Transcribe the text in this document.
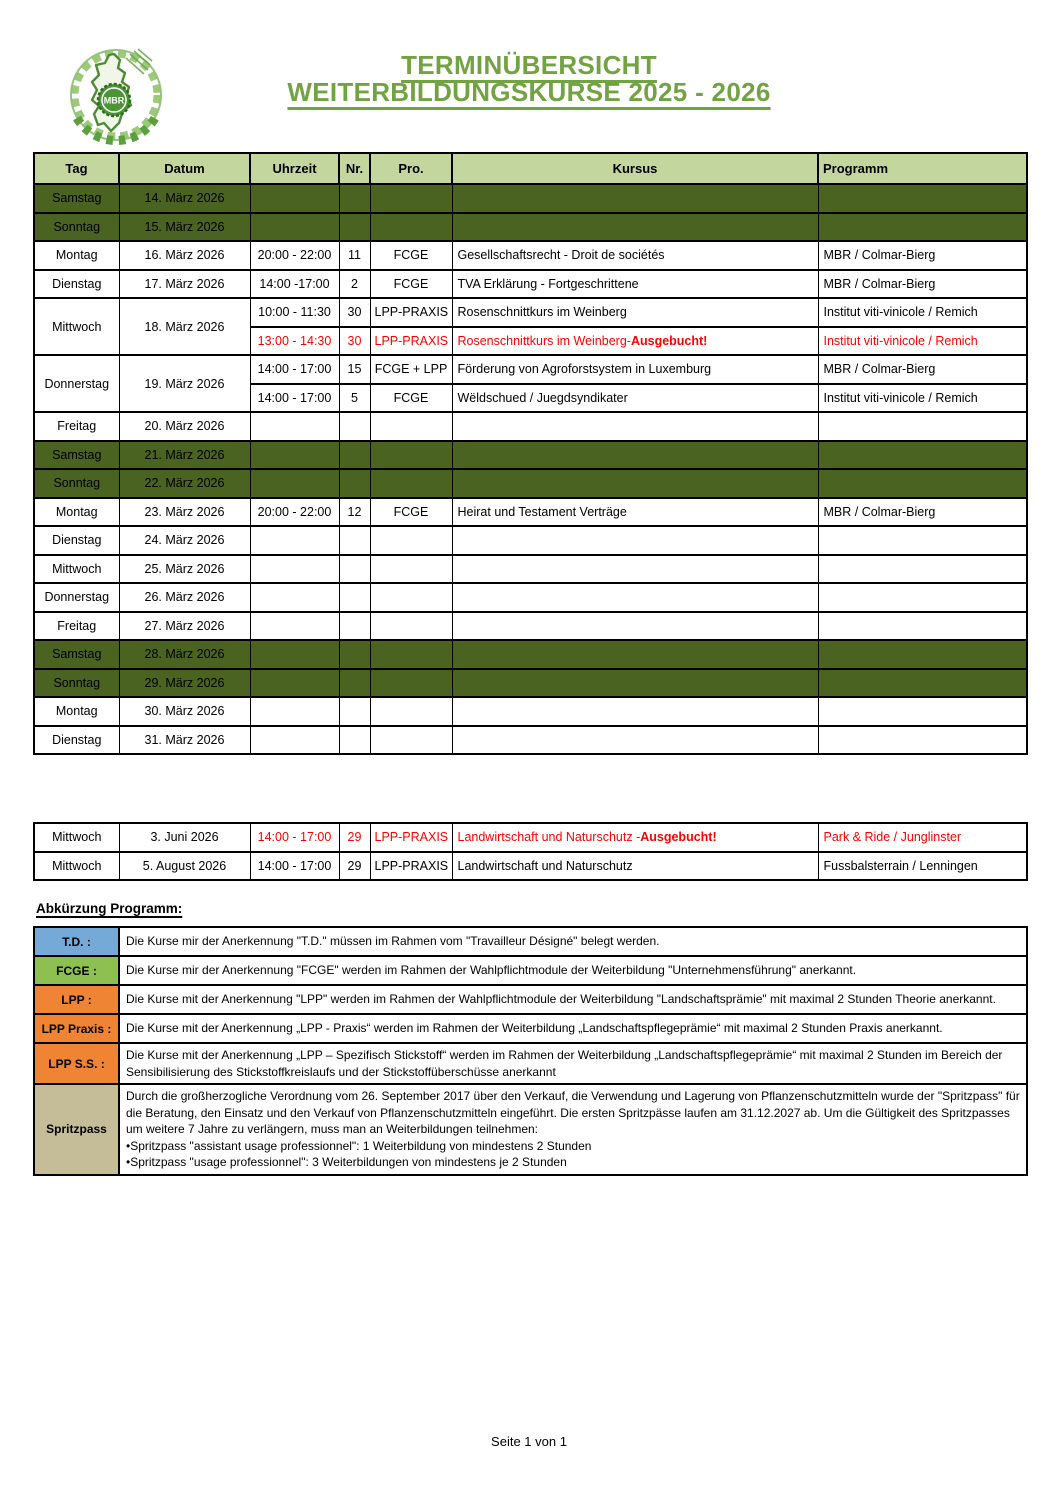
MBR
TERMINÜBERSICHT
WEITERBILDUNGSKURSE 2025 - 2026
Tag	Datum	Uhrzeit	Nr.	Pro.	Kursus	Programm
Samstag	14. März 2026					
Sonntag	15. März 2026					
Montag	16. März 2026	20:00 - 22:00	11	FCGE	Gesellschaftsrecht - Droit de sociétés	MBR / Colmar-Bierg
Dienstag	17. März 2026	14:00 -17:00	2	FCGE	TVA Erklärung - Fortgeschrittene	MBR / Colmar-Bierg
Mittwoch	18. März 2026	10:00 - 11:30	30	LPP-PRAXIS	Rosenschnittkurs im Weinberg	Institut viti-vinicole / Remich
		13:00 - 14:30	30	LPP-PRAXIS	Rosenschnittkurs im Weinberg-Ausgebucht!	Institut viti-vinicole / Remich
Donnerstag	19. März 2026	14:00 - 17:00	15	FCGE + LPP	Förderung von Agroforstsystem in Luxemburg	MBR / Colmar-Bierg
		14:00 - 17:00	5	FCGE	Wëldschued / Juegdsyndikater	Institut viti-vinicole / Remich
Freitag	20. März 2026					
Samstag	21. März 2026					
Sonntag	22. März 2026					
Montag	23. März 2026	20:00 - 22:00	12	FCGE	Heirat und Testament Verträge	MBR / Colmar-Bierg
Dienstag	24. März 2026					
Mittwoch	25. März 2026					
Donnerstag	26. März 2026					
Freitag	27. März 2026					
Samstag	28. März 2026					
Sonntag	29. März 2026					
Montag	30. März 2026					
Dienstag	31. März 2026					
Mittwoch	3. Juni 2026	14:00 - 17:00	29	LPP-PRAXIS	Landwirtschaft und Naturschutz -Ausgebucht!	Park & Ride / Junglinster
Mittwoch	5. August 2026	14:00 - 17:00	29	LPP-PRAXIS	Landwirtschaft und Naturschutz	Fussbalsterrain / Lenningen
Abkürzung Programm:
T.D. :	Die Kurse mir der Anerkennung "T.D." müssen im Rahmen vom "Travailleur Désigné" belegt werden.

FCGE :	Die Kurse mir der Anerkennung "FCGE" werden im Rahmen der Wahlpflichtmodule der Weiterbildung "Unternehmensführung" anerkannt.

LPP :	Die Kurse mit der Anerkennung "LPP" werden im Rahmen der Wahlpflichtmodule der Weiterbildung "Landschaftsprämie" mit maximal 2 Stunden Theorie anerkannt.

LPP Praxis :	Die Kurse mit der Anerkennung „LPP - Praxis“ werden im Rahmen der Weiterbildung „Landschaftspflegeprämie“ mit maximal 2 Stunden Praxis anerkannt.

LPP S.S. :	Die Kurse mit der Anerkennung „LPP – Spezifisch Stickstoff“ werden im Rahmen der Weiterbildung „Landschaftspflegeprämie“ mit maximal 2 Stunden im Bereich der Sensibilisierung des Stickstoffkreislaufs und der Stickstoffüberschüsse anerkannt

Spritzpass	Durch die großherzogliche Verordnung vom 26. September 2017 über den Verkauf, die Verwendung und Lagerung von Pflanzenschutzmitteln wurde der "Spritzpass" für die Beratung, den Einsatz und den Verkauf von Pflanzenschutzmitteln eingeführt. Die ersten Spritzpässe laufen am 31.12.2027 ab. Um die Gültigkeit des Spritzpasses um weitere 7 Jahre zu verlängern, muss man an Weiterbildungen teilnehmen:
•Spritzpass "assistant usage professionnel": 1 Weiterbildung von mindestens 2 Stunden
•Spritzpass "usage professionnel": 3 Weiterbildungen von mindestens je 2 Stunden
Seite 1 von 1
